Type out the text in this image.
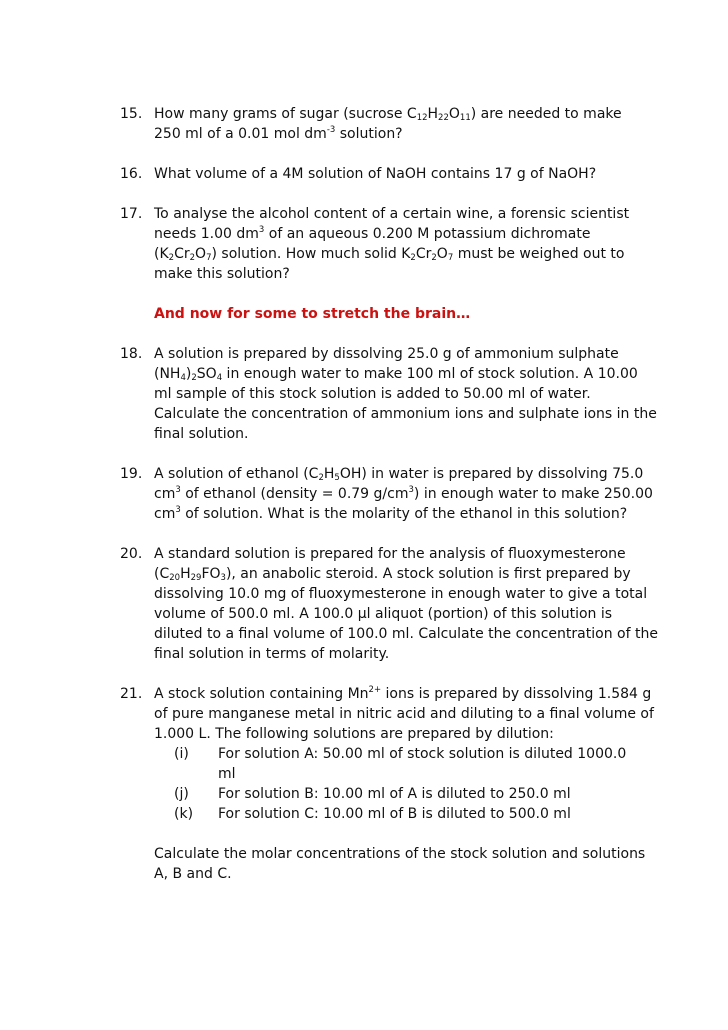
15. How many grams of sugar (sucrose $C_{12}H_{22}O_{11}$) are needed to make
250 ml of a 0.01 mol $dm^{-3}$ solution?
16. What volume of a 4M solution of NaOH contains 17 g of NaOH?
17. To analyse the alcohol content of a certain wine, a forensic scientist
needs 1.00 $dm^3$ of an aqueous 0.200 M potassium dichromate
$(K_2Cr_2O_7)$ solution. How much solid $K_2Cr_2O_7$ must be weighed out to
make this solution?
And now for some to stretch the brain…
18. A solution is prepared by dissolving 25.0 g of ammonium sulphate
$(NH_4)_2SO_4$ in enough water to make 100 ml of stock solution. A 10.00
ml sample of this stock solution is added to 50.00 ml of water.
Calculate the concentration of ammonium ions and sulphate ions in the
final solution.
19. A solution of ethanol $(C_2H_5OH)$ in water is prepared by dissolving 75.0
$cm^3$ of ethanol (density = 0.79 $g/cm^3$) in enough water to make 250.00
$cm^3$ of solution. What is the molarity of the ethanol in this solution?
20. A standard solution is prepared for the analysis of fluoxymesterone
$(C_{20}H_{29}FO_3)$, an anabolic steroid. A stock solution is first prepared by
dissolving 10.0 mg of fluoxymesterone in enough water to give a total
volume of 500.0 ml. A 100.0 µl aliquot (portion) of this solution is
diluted to a final volume of 100.0 ml. Calculate the concentration of the
final solution in terms of molarity.
21. A stock solution containing $Mn^{2+}$ ions is prepared by dissolving 1.584 g
of pure manganese metal in nitric acid and diluting to a final volume of
1.000 L. The following solutions are prepared by dilution:
(i) For solution A: 50.00 ml of stock solution is diluted 1000.0
ml
(j) For solution B: 10.00 ml of A is diluted to 250.0 ml
(k) For solution C: 10.00 ml of B is diluted to 500.0 ml
Calculate the molar concentrations of the stock solution and solutions
A, B and C.
